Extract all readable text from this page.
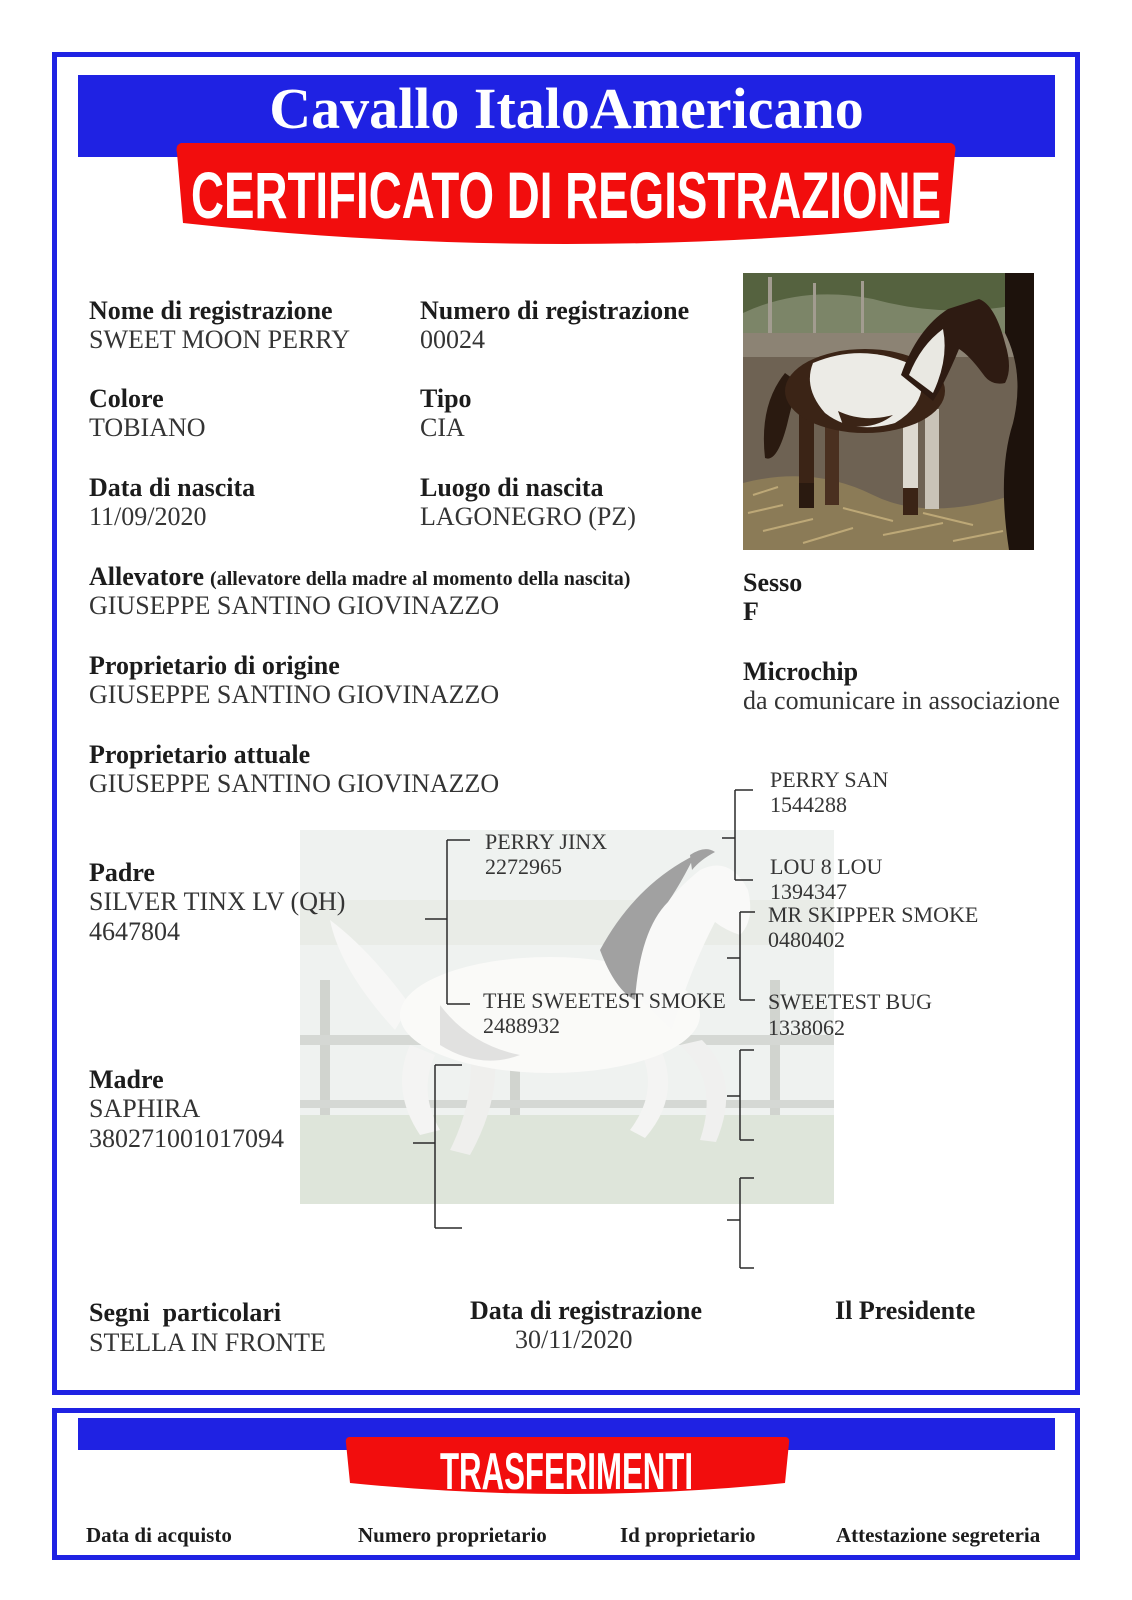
Cavallo ItaloAmericano
CERTIFICATO DI REGISTRAZIONE
Nome di registrazione
SWEET MOON PERRY
Numero di registrazione
00024
Colore
TOBIANO
Tipo
CIA
Data di nascita
11/09/2020
Luogo di nascita
LAGONEGRO (PZ)
Allevatore (allevatore della madre al momento della nascita)
GIUSEPPE SANTINO GIOVINAZZO
Proprietario di origine
GIUSEPPE SANTINO GIOVINAZZO
Proprietario attuale
GIUSEPPE SANTINO GIOVINAZZO
Sesso
F
Microchip
da comunicare in associazione
Padre
SILVER TINX LV (QH)
4647804
Madre
SAPHIRA
380271001017094
PERRY JINX
2272965
THE SWEETEST SMOKE
2488932
PERRY SAN
1544288
LOU 8 LOU
1394347
MR SKIPPER SMOKE
0480402
SWEETEST BUG
1338062
Segni  particolari
STELLA IN FRONTE
Data di registrazione
30/11/2020
Il Presidente
TRASFERIMENTI
Data di acquisto	Numero proprietario	Id proprietario	Attestazione segreteria
